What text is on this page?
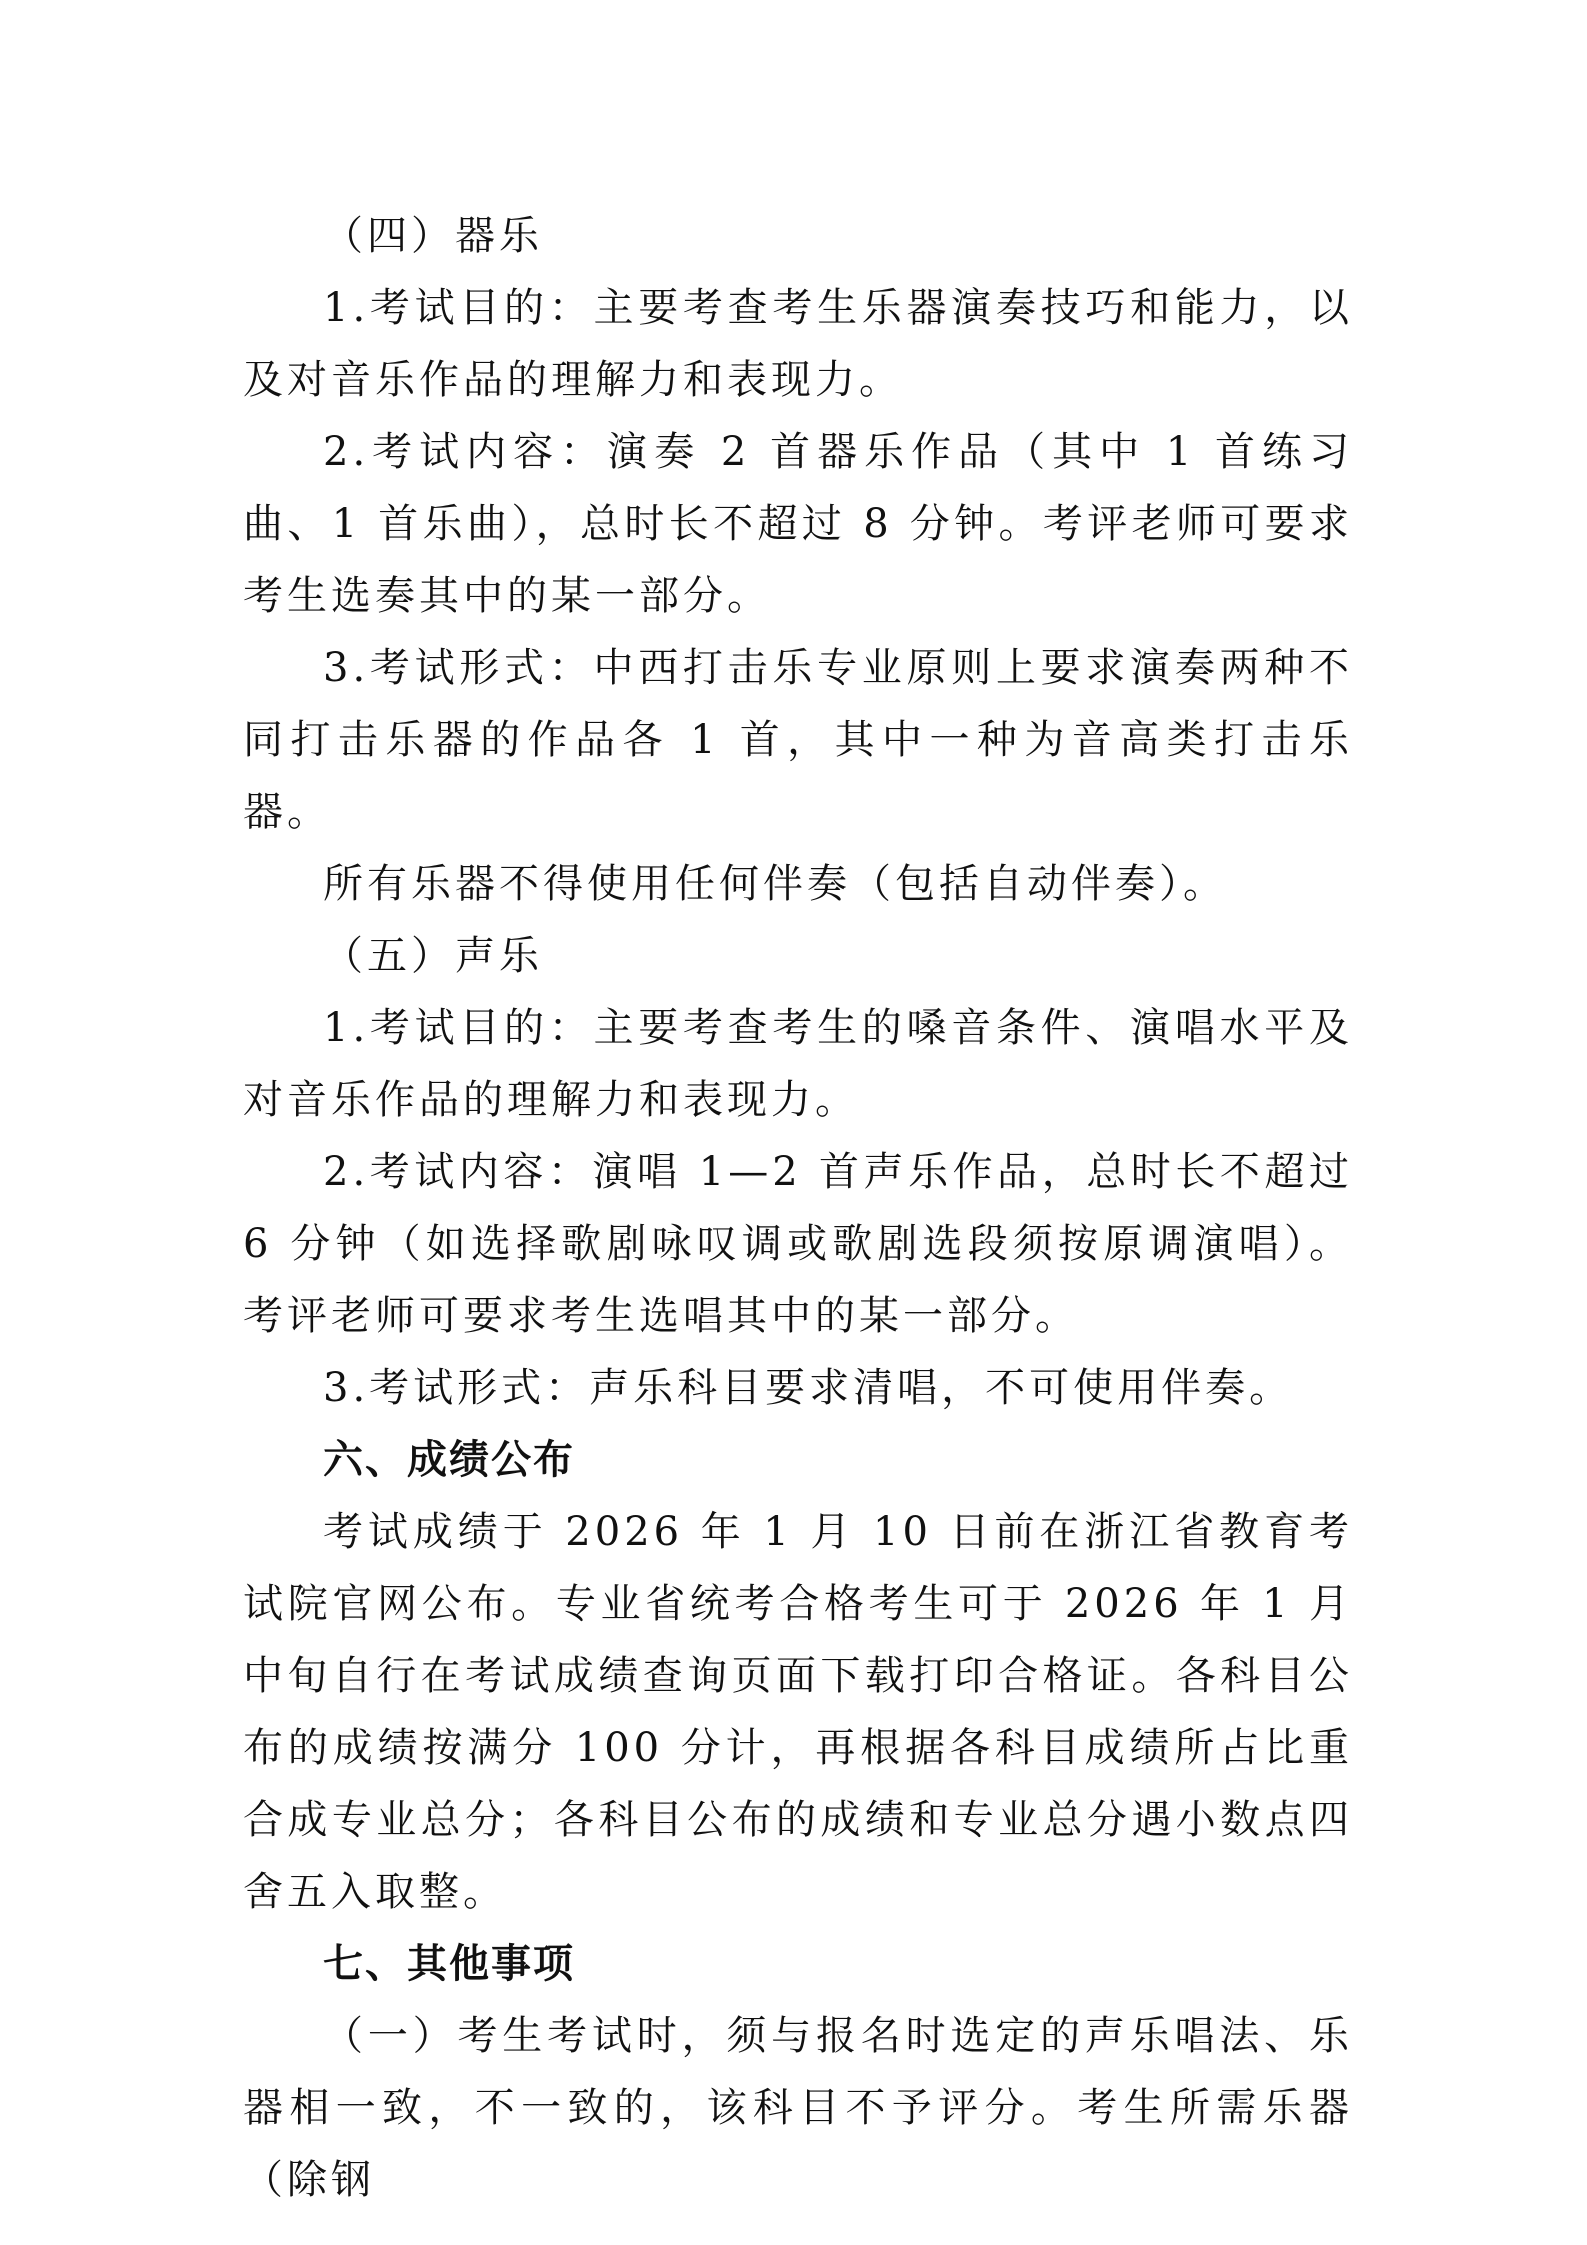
（四）器乐

1.考试目的：主要考查考生乐器演奏技巧和能力，以及对音乐作品的理解力和表现力。

2.考试内容：演奏 2 首器乐作品（其中 1 首练习曲、1 首乐曲），总时长不超过 8 分钟。考评老师可要求考生选奏其中的某一部分。

3.考试形式：中西打击乐专业原则上要求演奏两种不同打击乐器的作品各 1 首，其中一种为音高类打击乐器。

所有乐器不得使用任何伴奏（包括自动伴奏）。

（五）声乐

1.考试目的：主要考查考生的嗓音条件、演唱水平及对音乐作品的理解力和表现力。

2.考试内容：演唱 1—2 首声乐作品，总时长不超过 6 分钟（如选择歌剧咏叹调或歌剧选段须按原调演唱）。考评老师可要求考生选唱其中的某一部分。

3.考试形式：声乐科目要求清唱，不可使用伴奏。

六、成绩公布

考试成绩于 2026 年 1 月 10 日前在浙江省教育考试院官网公布。专业省统考合格考生可于 2026 年 1 月中旬自行在考试成绩查询页面下载打印合格证。各科目公布的成绩按满分 100 分计，再根据各科目成绩所占比重合成专业总分；各科目公布的成绩和专业总分遇小数点四舍五入取整。

七、其他事项

（一）考生考试时，须与报名时选定的声乐唱法、乐器相一致，不一致的，该科目不予评分。考生所需乐器（除钢
